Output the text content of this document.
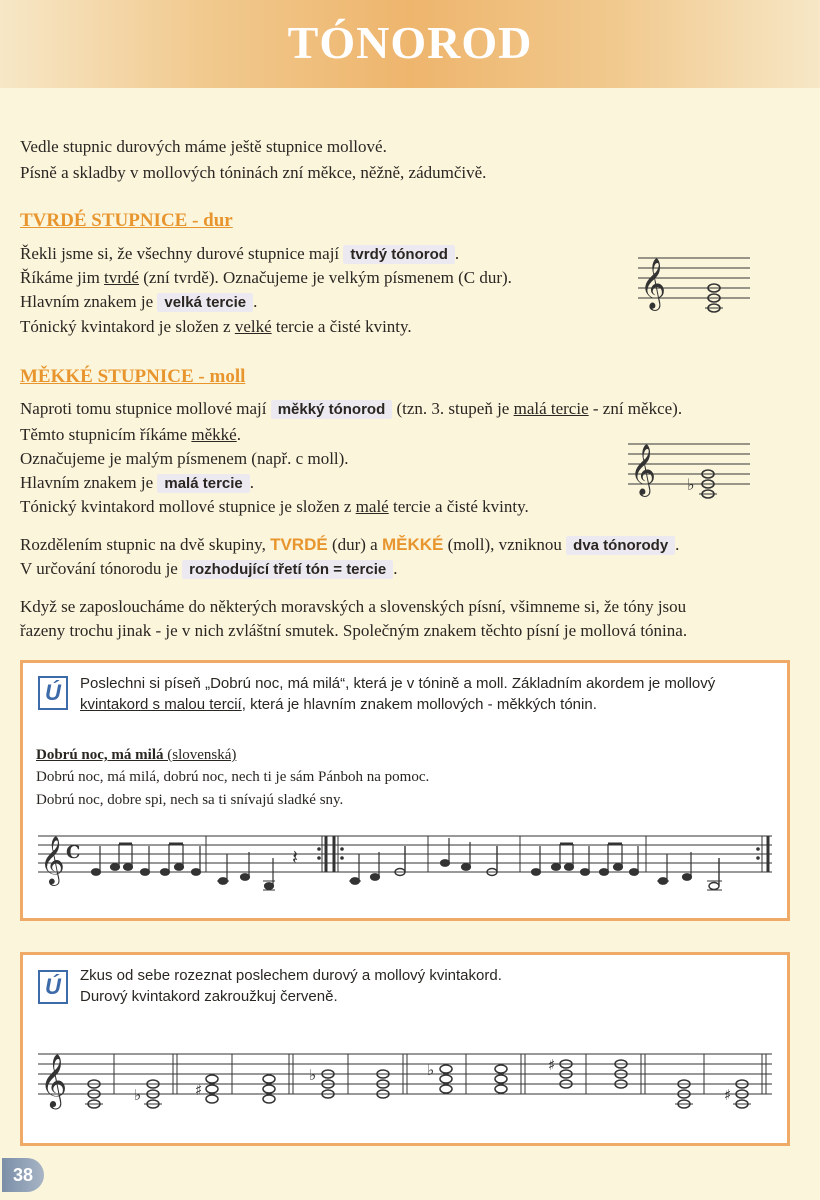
TÓNOROD
Vedle stupnic durových máme ještě stupnice mollové.
Písně a skladby v mollových tóninách zní měkce, něžně, zádumčivě.
TVRDÉ STUPNICE - dur
Řekli jsme si, že všechny durové stupnice mají tvrdý tónorod .
Říkáme jim tvrdé (zní tvrdě). Označujeme je velkým písmenem (C dur).
Hlavním znakem je velká tercie .
Tónický kvintakord je složen z velké tercie a čisté kvinty.
𝄞
MĚKKÉ STUPNICE - moll
Naproti tomu stupnice mollové mají měkký tónorod (tzn. 3. stupeň je malá tercie - zní měkce).
Těmto stupnicím říkáme měkké.
Označujeme je malým písmenem (např. c moll).
Hlavním znakem je malá tercie .
Tónický kvintakord mollové stupnice je složen z malé tercie a čisté kvinty.
𝄞 ♭
Rozdělením stupnic na dvě skupiny, TVRDÉ (dur) a MĚKKÉ (moll), vzniknou dva tónorody .
V určování tónorodu je rozhodující třetí tón = tercie .
Když se zaposloucháme do některých moravských a slovenských písní, všimneme si, že tóny jsou
řazeny trochu jinak - je v nich zvláštní smutek. Společným znakem těchto písní je mollová tónina.
Ú	Poslechni si píseň „Dobrú noc, má milá“, která je v tónině a moll. Základním akordem je mollový
kvintakord s malou tercií, která je hlavním znakem mollových - měkkých tónin.
Dobrú noc, má milá (slovenská)
Dobrú noc, má milá, dobrú noc, nech ti je sám Pánboh na pomoc.
Dobrú noc, dobre spi, nech sa ti snívajú sladké sny.
𝄞 C	𝄽
Ú	Zkus od sebe rozeznat poslechem durový a mollový kvintakord.
Durový kvintakord zakroužkuj červeně.
𝄞	♭	♯
♭	♭	♯
♯
38
